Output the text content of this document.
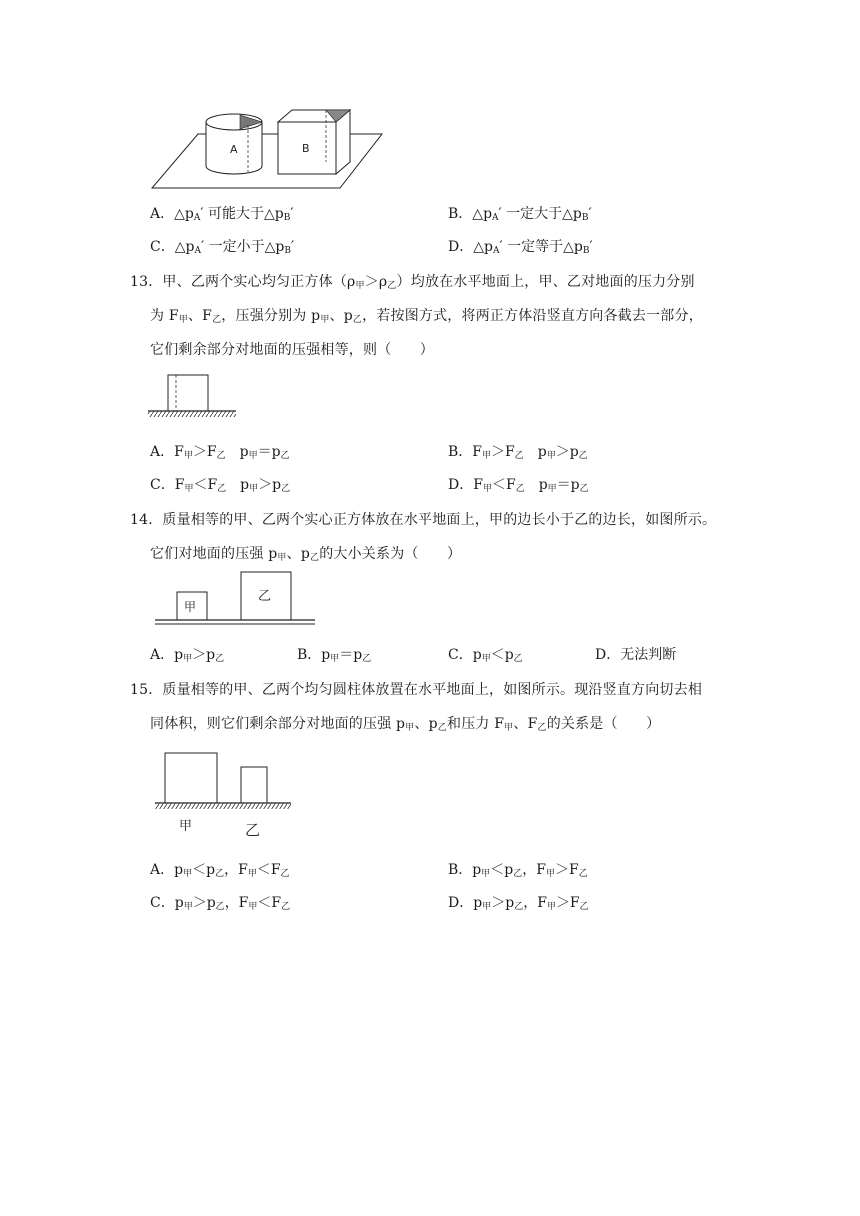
A	B
A．$\triangle p_A'$ 可能大于$\triangle p_B'$	B．$\triangle p_A'$ 一定大于$\triangle p_B'$
C．$\triangle p_A'$ 一定小于$\triangle p_B'$	D．$\triangle p_A'$ 一定等于$\triangle p_B'$
13．甲、乙两个实心均匀正方体$(\rho_甲>\rho_乙)$均放在水平地面上，甲、乙对地面的压力分别
为 $F_甲$、$F_乙$，压强分别为 $p_甲$、$p_乙$，若按图方式，将两正方体沿竖直方向各截去一部分，
它们剩余部分对地面的压强相等，则（　　）
A．$F_甲>F_乙$　$p_甲=p_乙$	B．$F_甲>F_乙$　$p_甲>p_乙$
C．$F_甲<F_乙$　$p_甲>p_乙$	D．$F_甲<F_乙$　$p_甲=p_乙$
14．质量相等的甲、乙两个实心正方体放在水平地面上，甲的边长小于乙的边长，如图所示。
它们对地面的压强 $p_甲$、$p_乙$的大小关系为（　　）
甲
乙
A．$p_甲>p_乙$	B．$p_甲=p_乙$	C．$p_甲<p_乙$	D．无法判断
15．质量相等的甲、乙两个均匀圆柱体放置在水平地面上，如图所示。现沿竖直方向切去相
同体积，则它们剩余部分对地面的压强 $p_甲$、$p_乙$和压力 $F_甲$、$F_乙$的关系是（　　）
甲	乙
A．$p_甲<p_乙$，$F_甲<F_乙$	B．$p_甲<p_乙$，$F_甲>F_乙$
C．$p_甲>p_乙$，$F_甲<F_乙$	D．$p_甲>p_乙$，$F_甲>F_乙$
